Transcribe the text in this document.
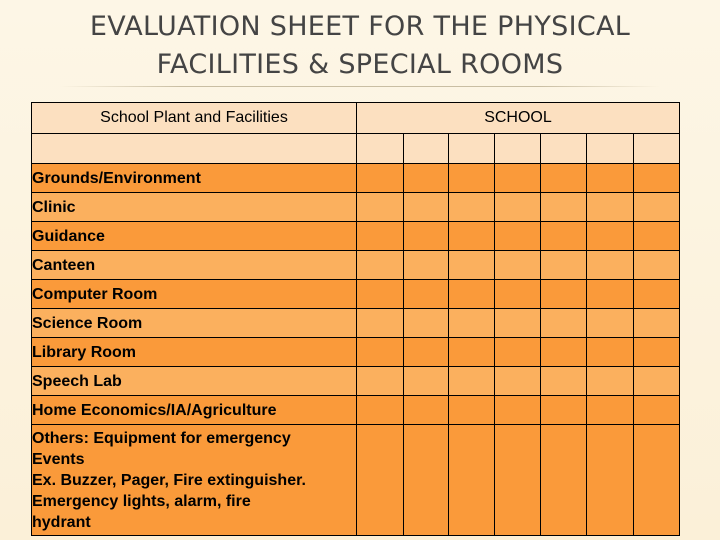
EVALUATION SHEET FOR THE PHYSICAL
FACILITIES & SPECIAL ROOMS
School Plant and Facilities	SCHOOL						

Grounds/Environment							
Clinic							
Guidance							
Canteen							
Computer Room							
Science Room							
Library Room							
Speech Lab							
Home Economics/IA/Agriculture							

Others: Equipment for emergency
Events
Ex. Buzzer, Pager, Fire extinguisher.
Emergency lights, alarm, fire
hydrant							
